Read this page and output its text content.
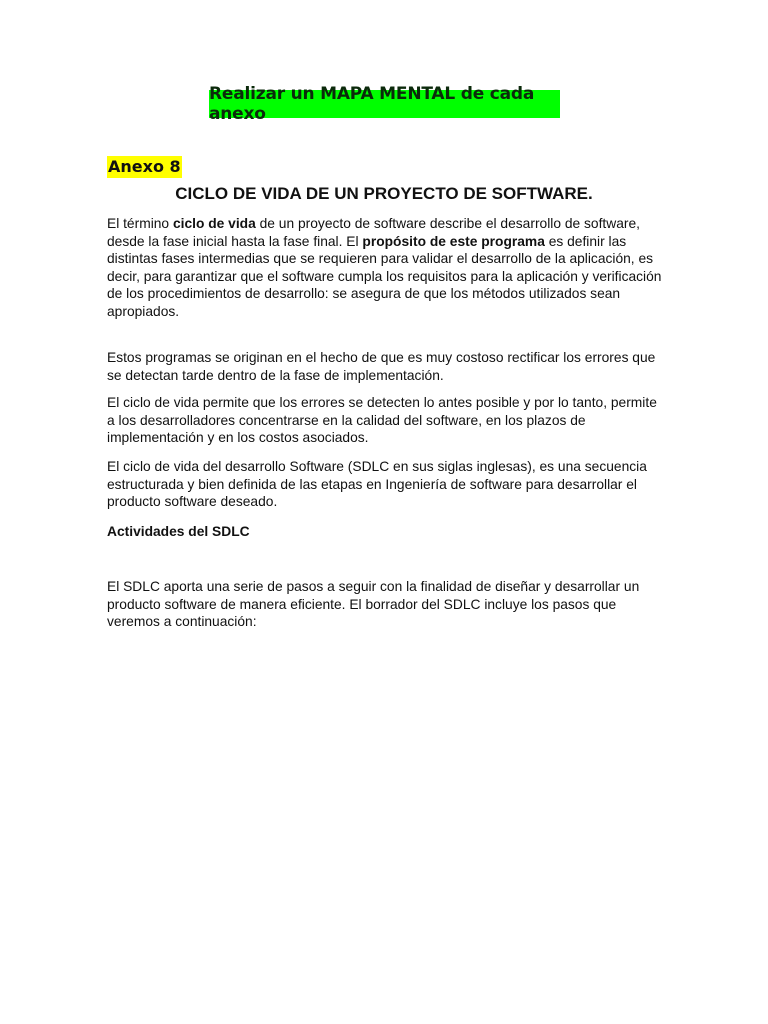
Realizar un MAPA MENTAL de cada anexo
Anexo 8
CICLO DE VIDA DE UN PROYECTO DE SOFTWARE.

El término ciclo de vida de un proyecto de software describe el desarrollo de software, desde la fase inicial hasta la fase final. El propósito de este programa es definir las distintas fases intermedias que se requieren para validar el desarrollo de la aplicación, es decir, para garantizar que el software cumpla los requisitos para la aplicación y verificación de los procedimientos de desarrollo: se asegura de que los métodos utilizados sean apropiados.

Estos programas se originan en el hecho de que es muy costoso rectificar los errores que se detectan tarde dentro de la fase de implementación.

El ciclo de vida permite que los errores se detecten lo antes posible y por lo tanto, permite a los desarrolladores concentrarse en la calidad del software, en los plazos de implementación y en los costos asociados.

El ciclo de vida del desarrollo Software (SDLC en sus siglas inglesas), es una secuencia estructurada y bien definida de las etapas en Ingeniería de software para desarrollar el producto software deseado.

Actividades del SDLC

El SDLC aporta una serie de pasos a seguir con la finalidad de diseñar y desarrollar un producto software de manera eficiente. El borrador del SDLC incluye los pasos que veremos a continuación:
